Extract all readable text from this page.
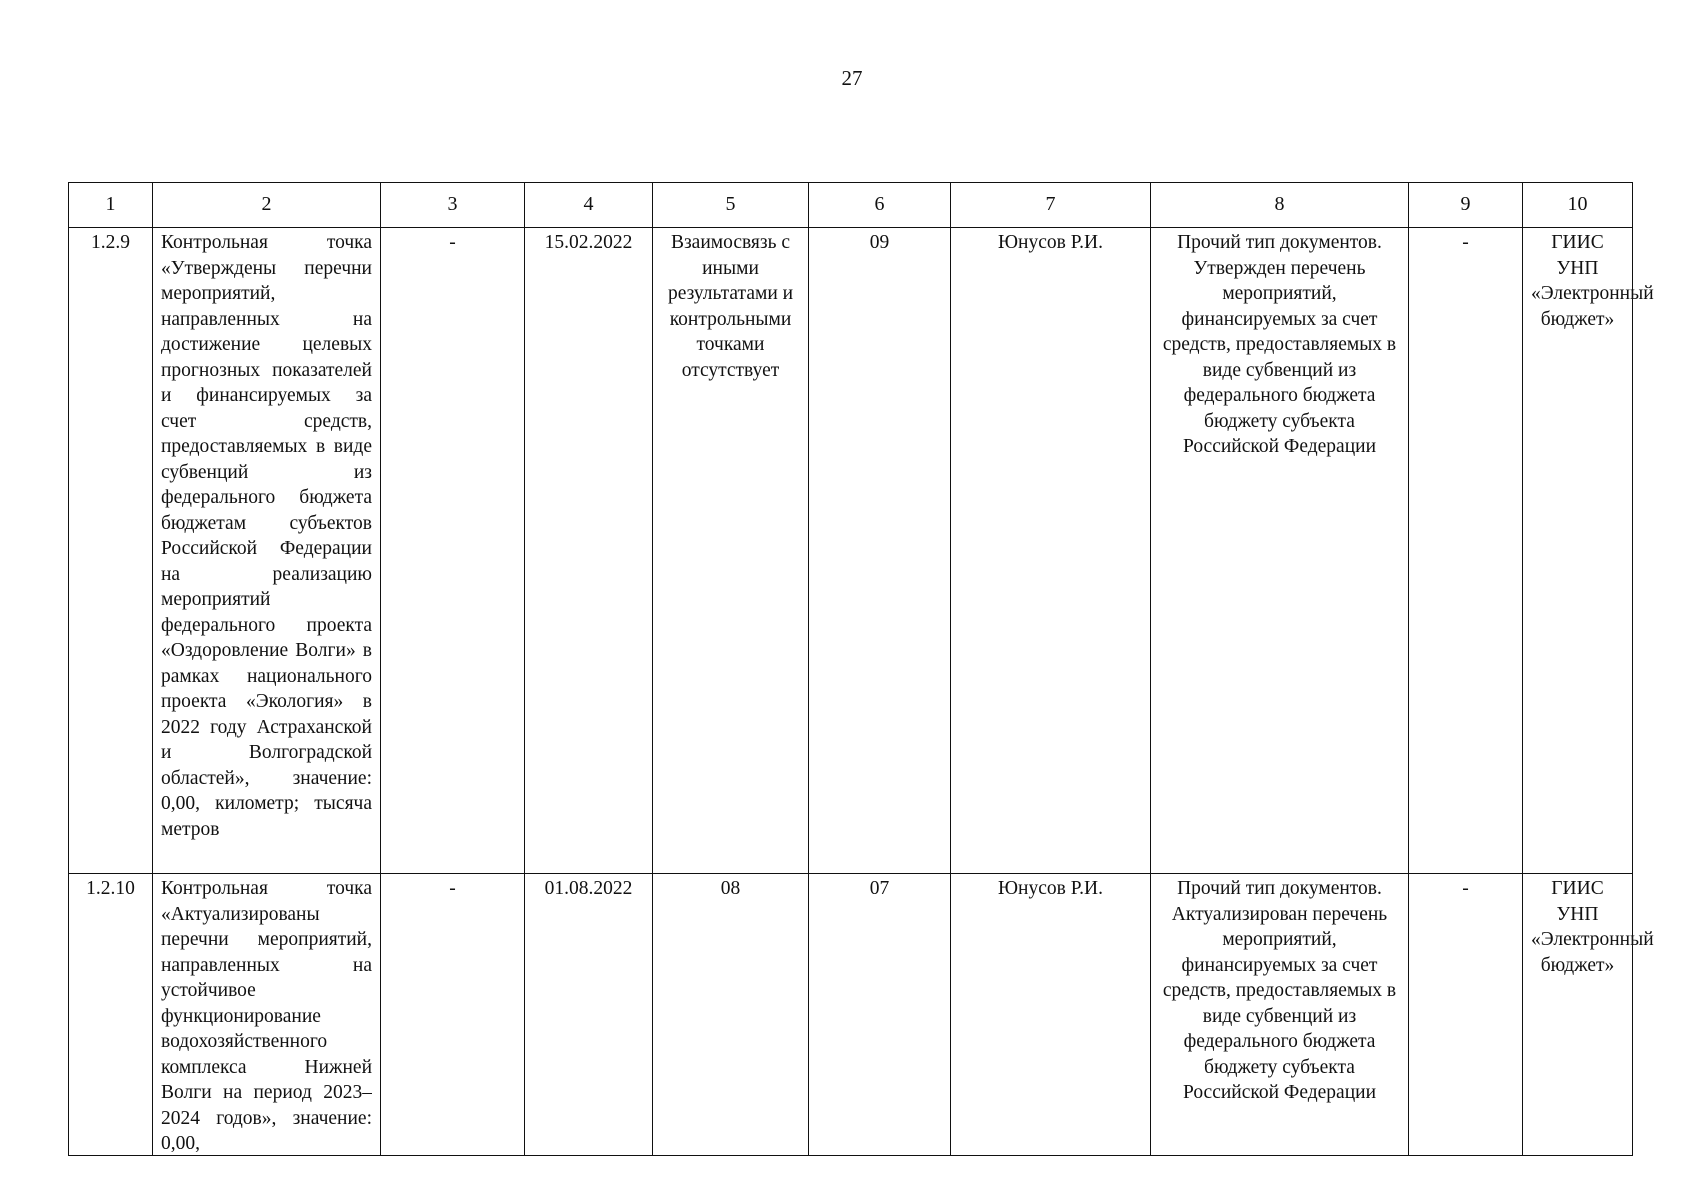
27
1	2	3	4	5	6	7	8	9	10
1.2.9	Контрольная точка «Утверждены перечни мероприятий, направленных на достижение целевых прогнозных показателей и финансируемых за счет средств, предоставляемых в виде субвенций из федерального бюджета бюджетам субъектов Российской Федерации на реализацию мероприятий федерального проекта «Оздоровление Волги» в рамках национального проекта «Экология» в 2022 году Астраханской и Волгоградской областей», значение: 0,00, километр; тысяча метров	-	15.02.2022	Взаимосвязь с иными результатами и контрольными точками отсутствует	09	Юнусов Р.И.	Прочий тип документов. Утвержден перечень мероприятий, финансируемых за счет средств, предоставляемых в виде субвенций из федерального бюджета бюджету субъекта Российской Федерации	-	ГИИС УНП «Электронный бюджет»
1.2.10	Контрольная точка «Актуализированы перечни мероприятий, направленных на устойчивое функционирование водохозяйственного комплекса Нижней Волги на период 2023–2024 годов», значение: 0,00,	-	01.08.2022	08	07	Юнусов Р.И.	Прочий тип документов. Актуализирован перечень мероприятий, финансируемых за счет средств, предоставляемых в виде субвенций из федерального бюджета бюджету субъекта Российской Федерации	-	ГИИС УНП «Электронный бюджет»
